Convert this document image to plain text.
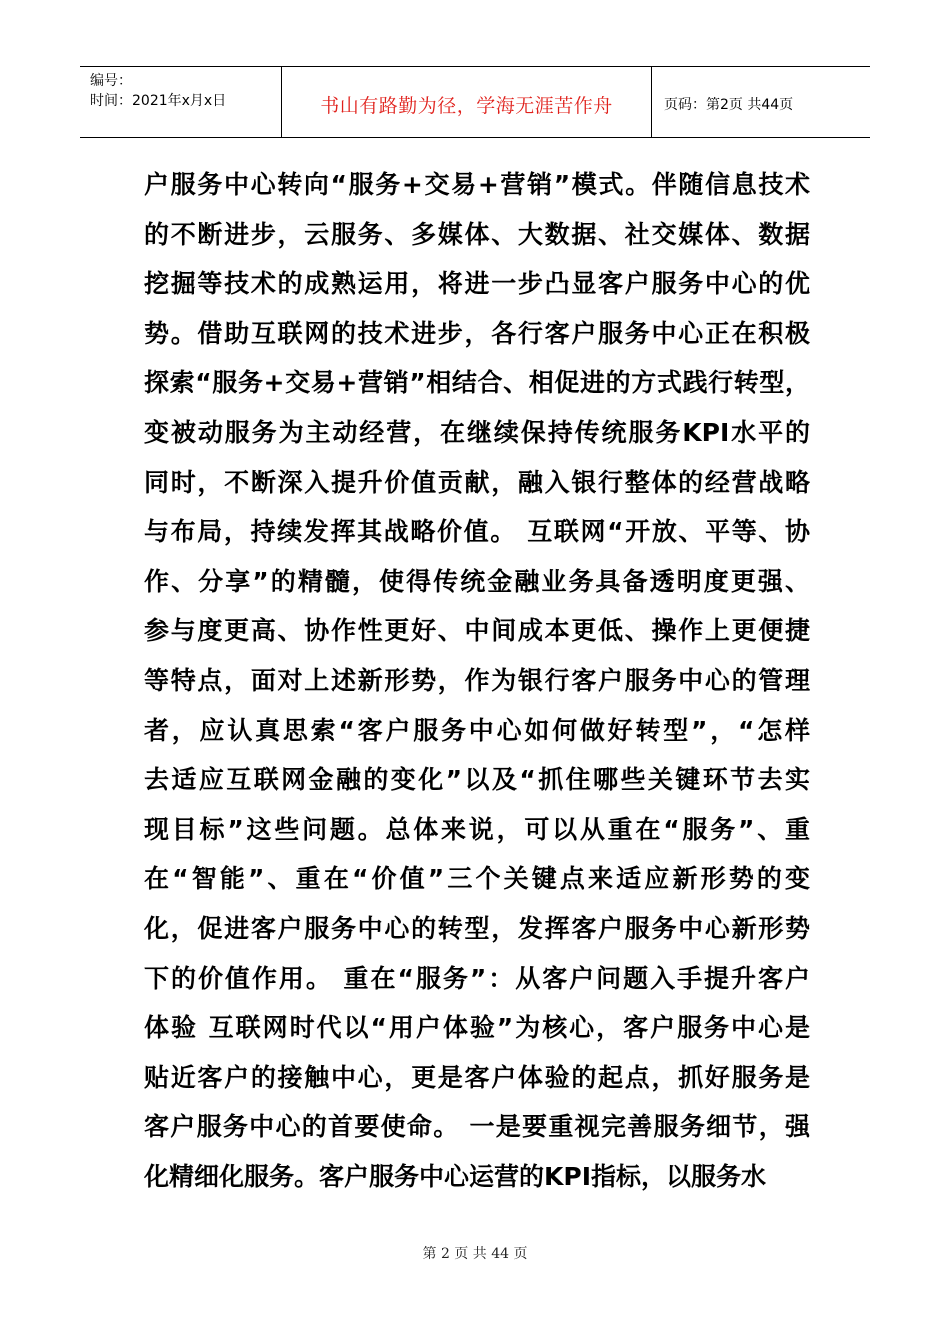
编号：
时间：2021年x月x日	书山有路勤为径，学海无涯苦作舟	页码：第2页 共44页
户服务中心转向“服务+交易+营销”模式。伴随信息技术
的不断进步，云服务、多媒体、大数据、社交媒体、数据
挖掘等技术的成熟运用，将进一步凸显客户服务中心的优
势。借助互联网的技术进步，各行客户服务中心正在积极
探索“服务+交易+营销”相结合、相促进的方式践行转型，
变被动服务为主动经营，在继续保持传统服务KPI水平的
同时，不断深入提升价值贡献，融入银行整体的经营战略
与布局，持续发挥其战略价值。 互联网“开放、平等、协
作、分享”的精髓，使得传统金融业务具备透明度更强、
参与度更高、协作性更好、中间成本更低、操作上更便捷
等特点，面对上述新形势，作为银行客户服务中心的管理
者，应认真思索“客户服务中心如何做好转型”，“怎样
去适应互联网金融的变化”以及“抓住哪些关键环节去实
现目标”这些问题。总体来说，可以从重在“服务”、重
在“智能”、重在“价值”三个关键点来适应新形势的变
化，促进客户服务中心的转型，发挥客户服务中心新形势
下的价值作用。 重在“服务”：从客户问题入手提升客户
体验 互联网时代以“用户体验”为核心，客户服务中心是
贴近客户的接触中心，更是客户体验的起点，抓好服务是
客户服务中心的首要使命。 一是要重视完善服务细节，强
化精细化服务。客户服务中心运营的KPI指标，以服务水
第 2 页 共 44 页
